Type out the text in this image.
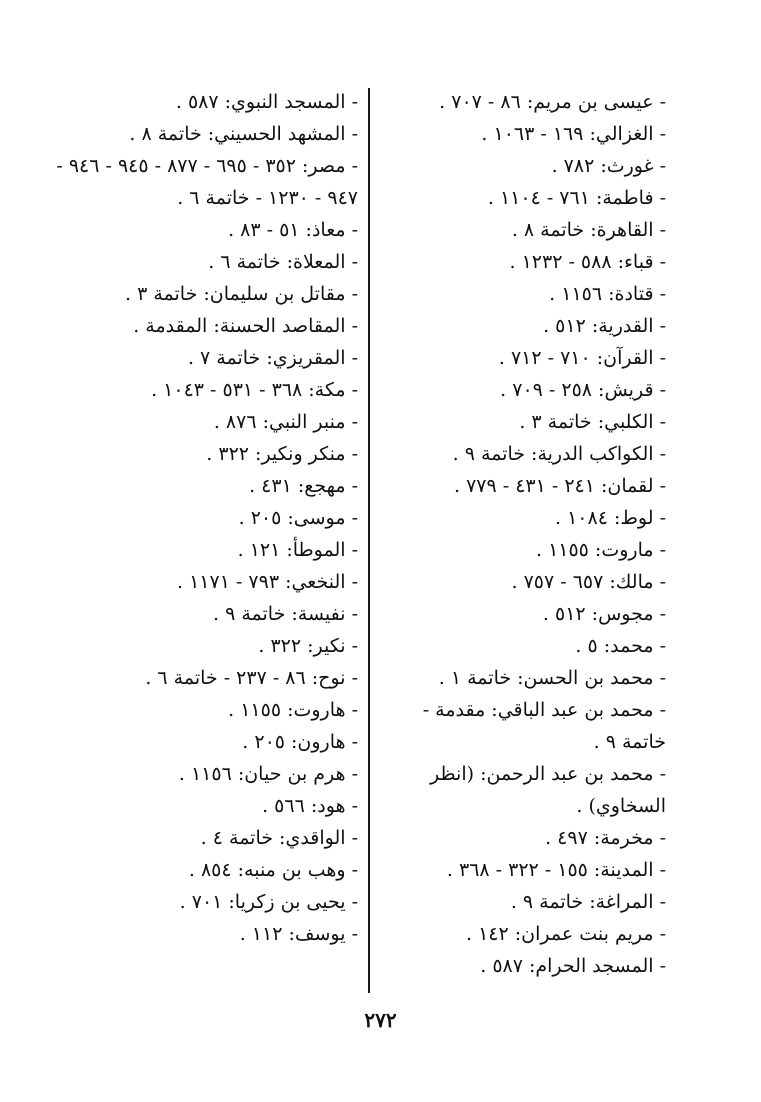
- عيسى بن مريم: ٨٦ - ٧٠٧ .
- الغزالي: ١٦٩ - ١٠٦٣ .
- غورث: ٧٨٢ .
- فاطمة: ٧٦١ - ١١٠٤ .
- القاهرة: خاتمة ٨ .
- قباء: ٥٨٨ - ١٢٣٢ .
- قتادة: ١١٥٦ .
- القدرية: ٥١٢ .
- القرآن: ٧١٠ - ٧١٢ .
- قريش: ٢٥٨ - ٧٠٩ .
- الكلبي: خاتمة ٣ .
- الكواكب الدرية: خاتمة ٩ .
- لقمان: ٢٤١ - ٤٣١ - ٧٧٩ .
- لوط: ١٠٨٤ .
- ماروت: ١١٥٥ .
- مالك: ٦٥٧ - ٧٥٧ .
- مجوس: ٥١٢ .
- محمد: ٥ .
- محمد بن الحسن: خاتمة ١ .
- محمد بن عبد الباقي: مقدمة - خاتمة ٩ .
- محمد بن عبد الرحمن: (انظر السخاوي) .
- مخرمة: ٤٩٧ .
- المدينة: ١٥٥ - ٣٢٢ - ٣٦٨ .
- المراغة: خاتمة ٩ .
- مريم بنت عمران: ١٤٢ .
- المسجد الحرام: ٥٨٧ .
- المسجد النبوي: ٥٨٧ .
- المشهد الحسيني: خاتمة ٨ .
- مصر: ٣٥٢ - ٦٩٥ - ٨٧٧ - ٩٤٥ - ٩٤٦ - ٩٤٧ - ١٢٣٠ - خاتمة ٦ .
- معاذ: ٥١ - ٨٣ .
- المعلاة: خاتمة ٦ .
- مقاتل بن سليمان: خاتمة ٣ .
- المقاصد الحسنة: المقدمة .
- المقريزي: خاتمة ٧ .
- مكة: ٣٦٨ - ٥٣١ - ١٠٤٣ .
- منبر النبي: ٨٧٦ .
- منكر ونكير: ٣٢٢ .
- مهجع: ٤٣١ .
- موسى: ٢٠٥ .
- الموطأ: ١٢١ .
- النخعي: ٧٩٣ - ١١٧١ .
- نفيسة: خاتمة ٩ .
- نكير: ٣٢٢ .
- نوح: ٨٦ - ٢٣٧ - خاتمة ٦ .
- هاروت: ١١٥٥ .
- هارون: ٢٠٥ .
- هرم بن حيان: ١١٥٦ .
- هود: ٥٦٦ .
- الواقدي: خاتمة ٤ .
- وهب بن منبه: ٨٥٤ .
- يحيى بن زكريا: ٧٠١ .
- يوسف: ١١٢ .
٢٧٢
